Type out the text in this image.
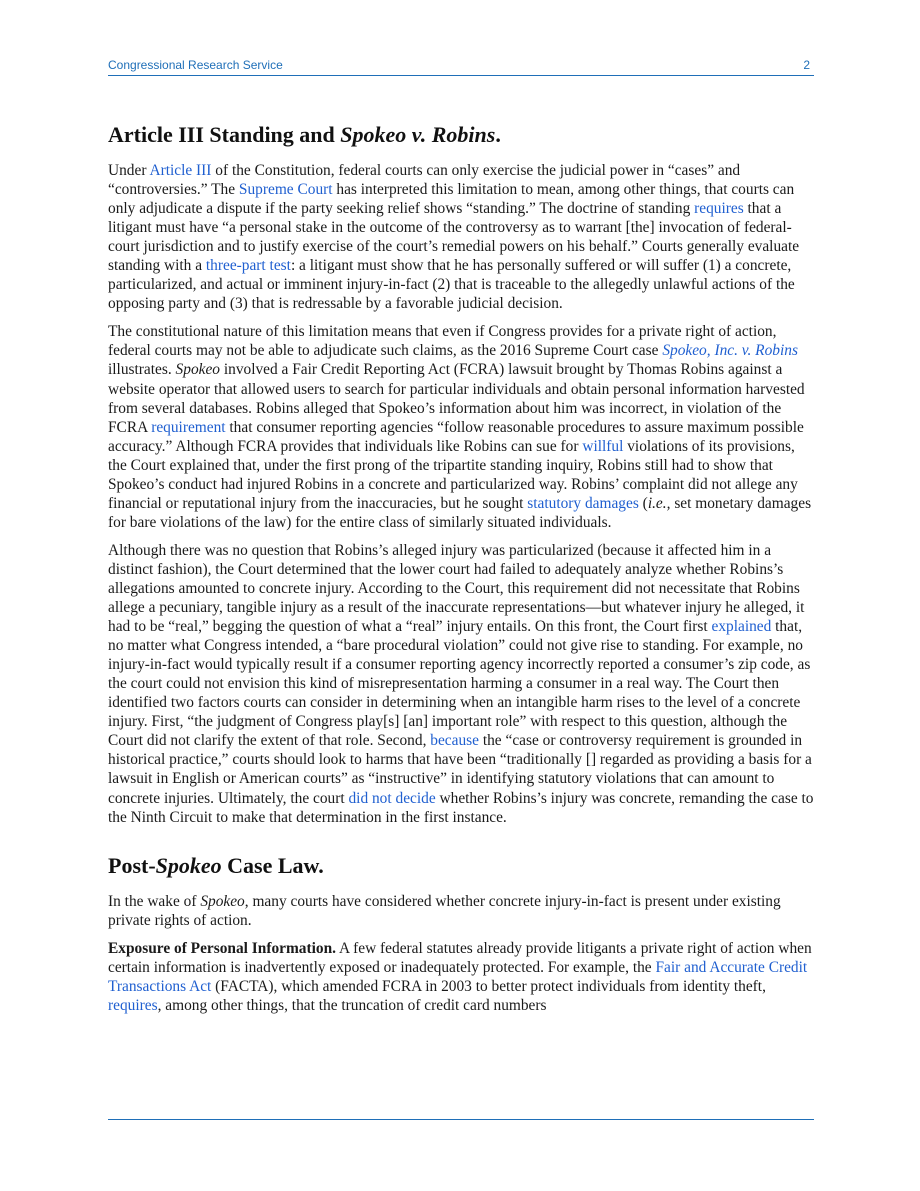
Congressional Research Service	2
Article III Standing and Spokeo v. Robins.

Under Article III of the Constitution, federal courts can only exercise the judicial power in “cases” and “controversies.” The Supreme Court has interpreted this limitation to mean, among other things, that courts can only adjudicate a dispute if the party seeking relief shows “standing.” The doctrine of standing requires that a litigant must have “a personal stake in the outcome of the controversy as to warrant [the] invocation of federal-court jurisdiction and to justify exercise of the court’s remedial powers on his behalf.” Courts generally evaluate standing with a three-part test: a litigant must show that he has personally suffered or will suffer (1) a concrete, particularized, and actual or imminent injury-in-fact (2) that is traceable to the allegedly unlawful actions of the opposing party and (3) that is redressable by a favorable judicial decision.

The constitutional nature of this limitation means that even if Congress provides for a private right of action, federal courts may not be able to adjudicate such claims, as the 2016 Supreme Court case Spokeo, Inc. v. Robins illustrates. Spokeo involved a Fair Credit Reporting Act (FCRA) lawsuit brought by Thomas Robins against a website operator that allowed users to search for particular individuals and obtain personal information harvested from several databases. Robins alleged that Spokeo’s information about him was incorrect, in violation of the FCRA requirement that consumer reporting agencies “follow reasonable procedures to assure maximum possible accuracy.” Although FCRA provides that individuals like Robins can sue for willful violations of its provisions, the Court explained that, under the first prong of the tripartite standing inquiry, Robins still had to show that Spokeo’s conduct had injured Robins in a concrete and particularized way. Robins’ complaint did not allege any financial or reputational injury from the inaccuracies, but he sought statutory damages (i.e., set monetary damages for bare violations of the law) for the entire class of similarly situated individuals.

Although there was no question that Robins’s alleged injury was particularized (because it affected him in a distinct fashion), the Court determined that the lower court had failed to adequately analyze whether Robins’s allegations amounted to concrete injury. According to the Court, this requirement did not necessitate that Robins allege a pecuniary, tangible injury as a result of the inaccurate representations—but whatever injury he alleged, it had to be “real,” begging the question of what a “real” injury entails. On this front, the Court first explained that, no matter what Congress intended, a “bare procedural violation” could not give rise to standing. For example, no injury-in-fact would typically result if a consumer reporting agency incorrectly reported a consumer’s zip code, as the court could not envision this kind of misrepresentation harming a consumer in a real way. The Court then identified two factors courts can consider in determining when an intangible harm rises to the level of a concrete injury. First, “the judgment of Congress play[s] [an] important role” with respect to this question, although the Court did not clarify the extent of that role. Second, because the “case or controversy requirement is grounded in historical practice,” courts should look to harms that have been “traditionally [] regarded as providing a basis for a lawsuit in English or American courts” as “instructive” in identifying statutory violations that can amount to concrete injuries. Ultimately, the court did not decide whether Robins’s injury was concrete, remanding the case to the Ninth Circuit to make that determination in the first instance.

Post-Spokeo Case Law.

In the wake of Spokeo, many courts have considered whether concrete injury-in-fact is present under existing private rights of action.

Exposure of Personal Information. A few federal statutes already provide litigants a private right of action when certain information is inadvertently exposed or inadequately protected. For example, the Fair and Accurate Credit Transactions Act (FACTA), which amended FCRA in 2003 to better protect individuals from identity theft, requires, among other things, that the truncation of credit card numbers
